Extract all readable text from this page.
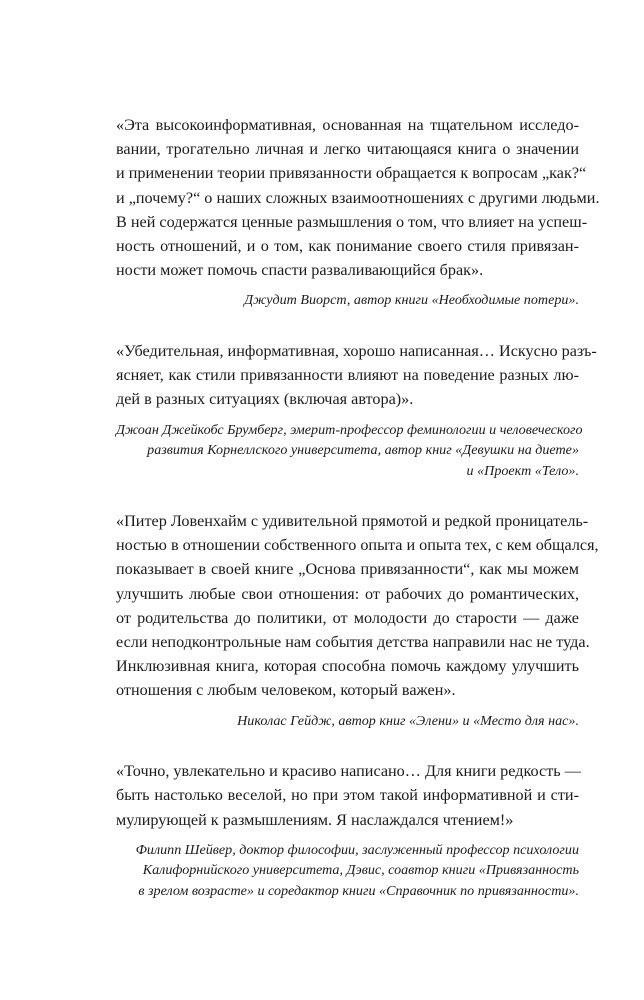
«Эта высокоинформативная, основанная на тщательном исследо-
вании, трогательно личная и легко читающаяся книга о значении
и применении теории привязанности обращается к вопросам „как?“
и „почему?“ о наших сложных взаимоотношениях с другими людьми.
В ней содержатся ценные размышления о том, что влияет на успеш-
ность отношений, и о том, как понимание своего стиля привязан-
ности может помочь спасти разваливающийся брак».

Джудит Виорст, автор книги «Необходимые потери».

«Убедительная, информативная, хорошо написанная… Искусно разъ-
ясняет, как стили привязанности влияют на поведение разных лю-
дей в разных ситуациях (включая автора)».

Джоан Джейкобс Брумберг, эмерит-профессор феминологии и человеческого
развития Корнеллского университета, автор книг «Девушки на диете»
и «Проект «Тело».

«Питер Ловенхайм с удивительной прямотой и редкой проницатель-
ностью в отношении собственного опыта и опыта тех, с кем общался,
показывает в своей книге „Основа привязанности“, как мы можем
улучшить любые свои отношения: от рабочих до романтических,
от родительства до политики, от молодости до старости — даже
если неподконтрольные нам события детства направили нас не туда.
Инклюзивная книга, которая способна помочь каждому улучшить
отношения с любым человеком, который важен».

Николас Гейдж, автор книг «Элени» и «Место для нас».

«Точно, увлекательно и красиво написано… Для книги редкость —
быть настолько веселой, но при этом такой информативной и сти-
мулирующей к размышлениям. Я наслаждался чтением!»

Филипп Шейвер, доктор философии, заслуженный профессор психологии
Калифорнийского университета, Дэвис, соавтор книги «Привязанность
в зрелом возрасте» и соредактор книги «Справочник по привязанности».
